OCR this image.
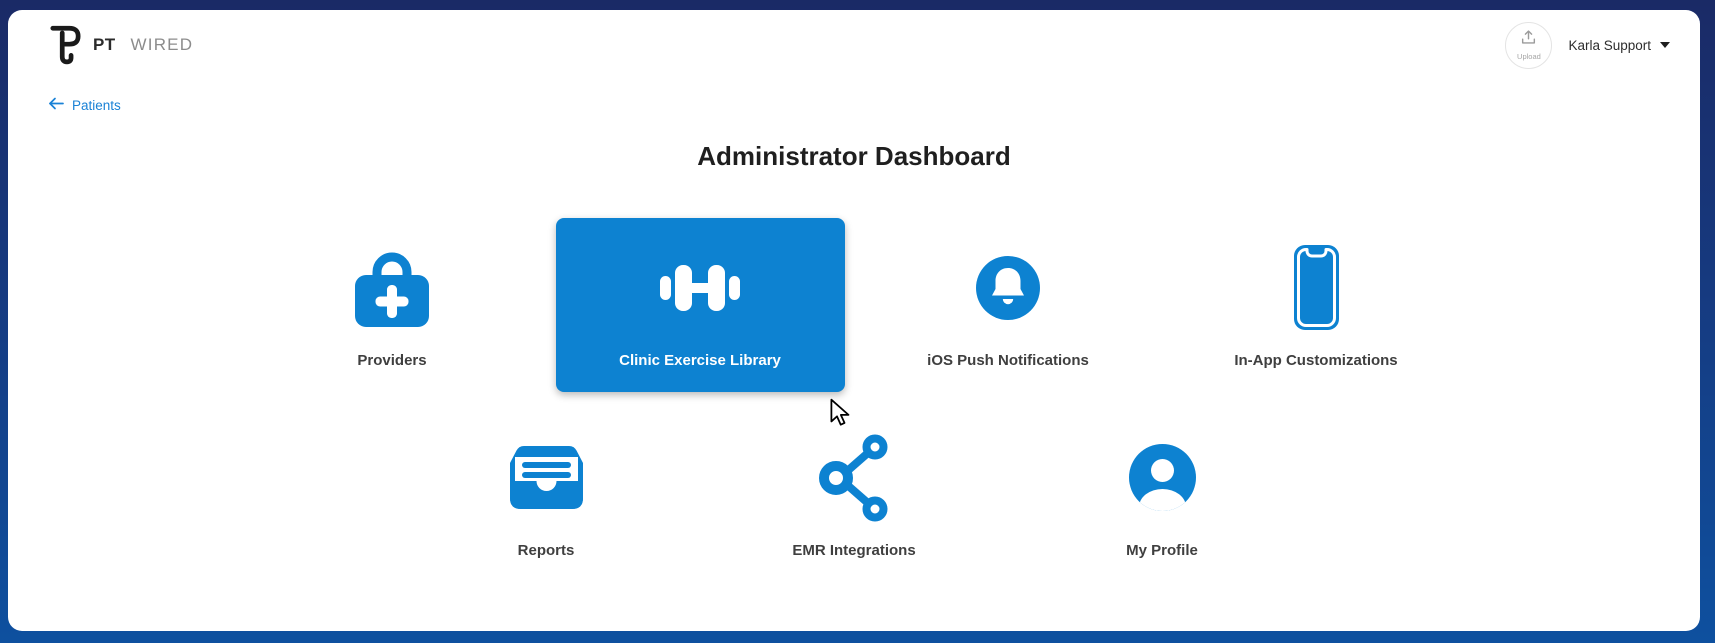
PT WIRED
Upload
Karla Support
Patients
Administrator Dashboard
Providers	Clinic Exercise Library	iOS Push Notifications	In-App Customizations
Reports	EMR Integrations	My Profile
